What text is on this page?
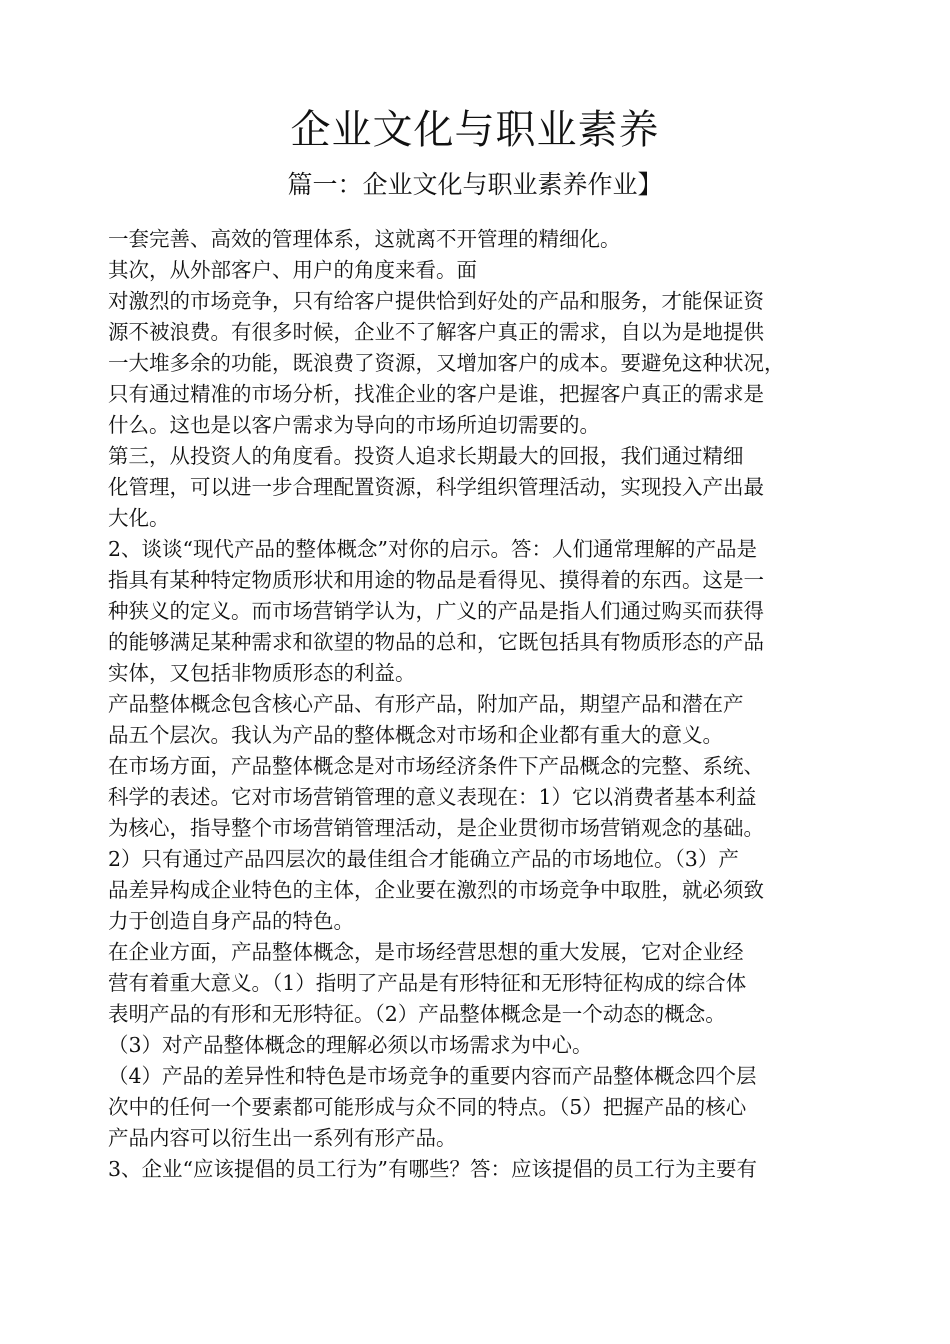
企业文化与职业素养
篇一：企业文化与职业素养作业】
一套完善、高效的管理体系，这就离不开管理的精细化。
其次，从外部客户、用户的角度来看。面
对激烈的市场竞争，只有给客户提供恰到好处的产品和服务，才能保证资
源不被浪费。有很多时候，企业不了解客户真正的需求，自以为是地提供
一大堆多余的功能，既浪费了资源，又增加客户的成本。要避免这种状况，
只有通过精准的市场分析，找准企业的客户是谁，把握客户真正的需求是
什么。这也是以客户需求为导向的市场所迫切需要的。
第三，从投资人的角度看。投资人追求长期最大的回报，我们通过精细
化管理，可以进一步合理配置资源，科学组织管理活动，实现投入产出最
大化。
2、谈谈“现代产品的整体概念”对你的启示。答：人们通常理解的产品是
指具有某种特定物质形状和用途的物品是看得见、摸得着的东西。这是一
种狭义的定义。而市场营销学认为，广义的产品是指人们通过购买而获得
的能够满足某种需求和欲望的物品的总和，它既包括具有物质形态的产品
实体，又包括非物质形态的利益。
产品整体概念包含核心产品、有形产品，附加产品，期望产品和潜在产
品五个层次。我认为产品的整体概念对市场和企业都有重大的意义。
在市场方面，产品整体概念是对市场经济条件下产品概念的完整、系统、
科学的表述。它对市场营销管理的意义表现在：1）它以消费者基本利益
为核心，指导整个市场营销管理活动，是企业贯彻市场营销观念的基础。
2）只有通过产品四层次的最佳组合才能确立产品的市场地位。（3）产
品差异构成企业特色的主体，企业要在激烈的市场竞争中取胜，就必须致
力于创造自身产品的特色。
在企业方面，产品整体概念，是市场经营思想的重大发展，它对企业经
营有着重大意义。（1）指明了产品是有形特征和无形特征构成的综合体
表明产品的有形和无形特征。（2）产品整体概念是一个动态的概念。
（3）对产品整体概念的理解必须以市场需求为中心。
（4）产品的差异性和特色是市场竞争的重要内容而产品整体概念四个层
次中的任何一个要素都可能形成与众不同的特点。（5）把握产品的核心
产品内容可以衍生出一系列有形产品。
3、企业“应该提倡的员工行为”有哪些？答：应该提倡的员工行为主要有
